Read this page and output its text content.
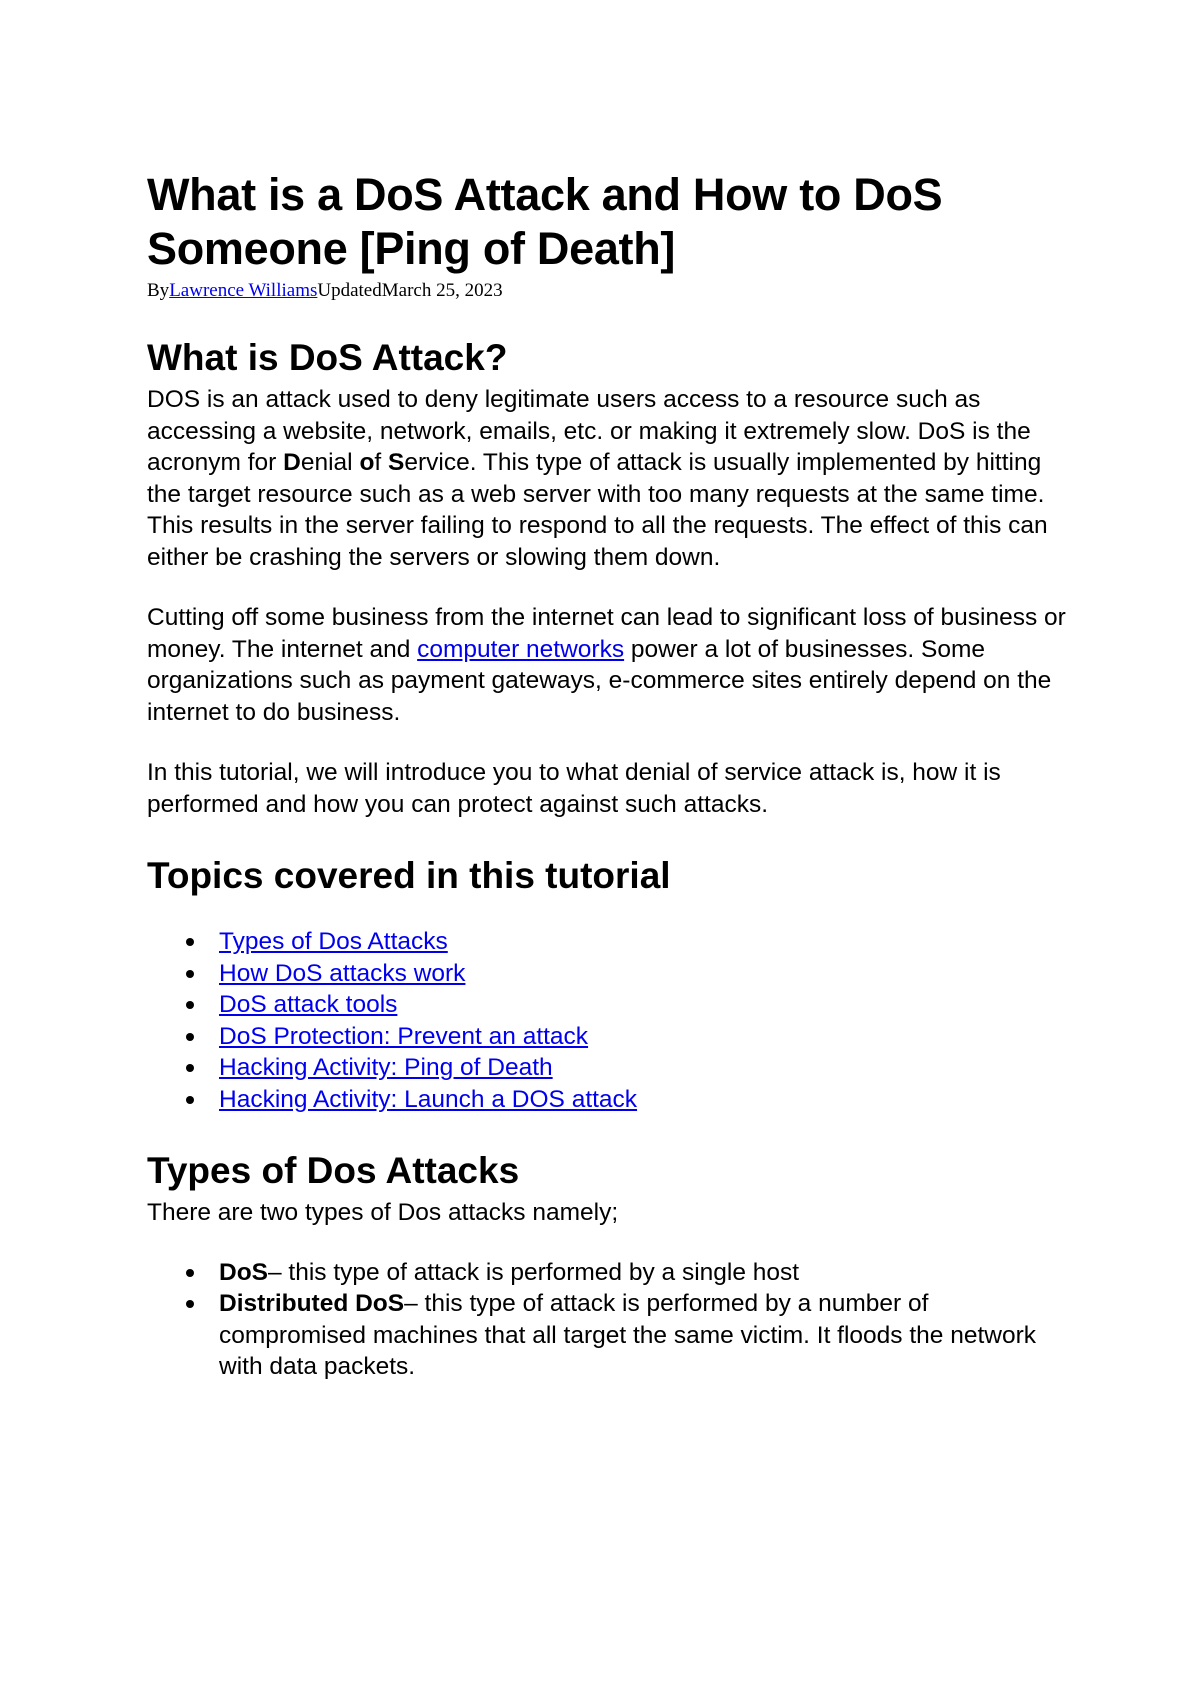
What is a DoS Attack and How to DoS Someone [Ping of Death]
ByLawrence WilliamsUpdatedMarch 25, 2023
What is DoS Attack?

DOS is an attack used to deny legitimate users access to a resource such as accessing a website, network, emails, etc. or making it extremely slow. DoS is the acronym for Denial of Service. This type of attack is usually implemented by hitting the target resource such as a web server with too many requests at the same time. This results in the server failing to respond to all the requests. The effect of this can either be crashing the servers or slowing them down.

Cutting off some business from the internet can lead to significant loss of business or money. The internet and computer networks power a lot of businesses. Some organizations such as payment gateways, e-commerce sites entirely depend on the internet to do business.

In this tutorial, we will introduce you to what denial of service attack is, how it is performed and how you can protect against such attacks.

Topics covered in this tutorial
Types of Dos Attacks
How DoS attacks work
DoS attack tools
DoS Protection: Prevent an attack
Hacking Activity: Ping of Death
Hacking Activity: Launch a DOS attack
Types of Dos Attacks

There are two types of Dos attacks namely;

DoS– this type of attack is performed by a single host
Distributed DoS– this type of attack is performed by a number of compromised machines that all target the same victim. It floods the network with data packets.
